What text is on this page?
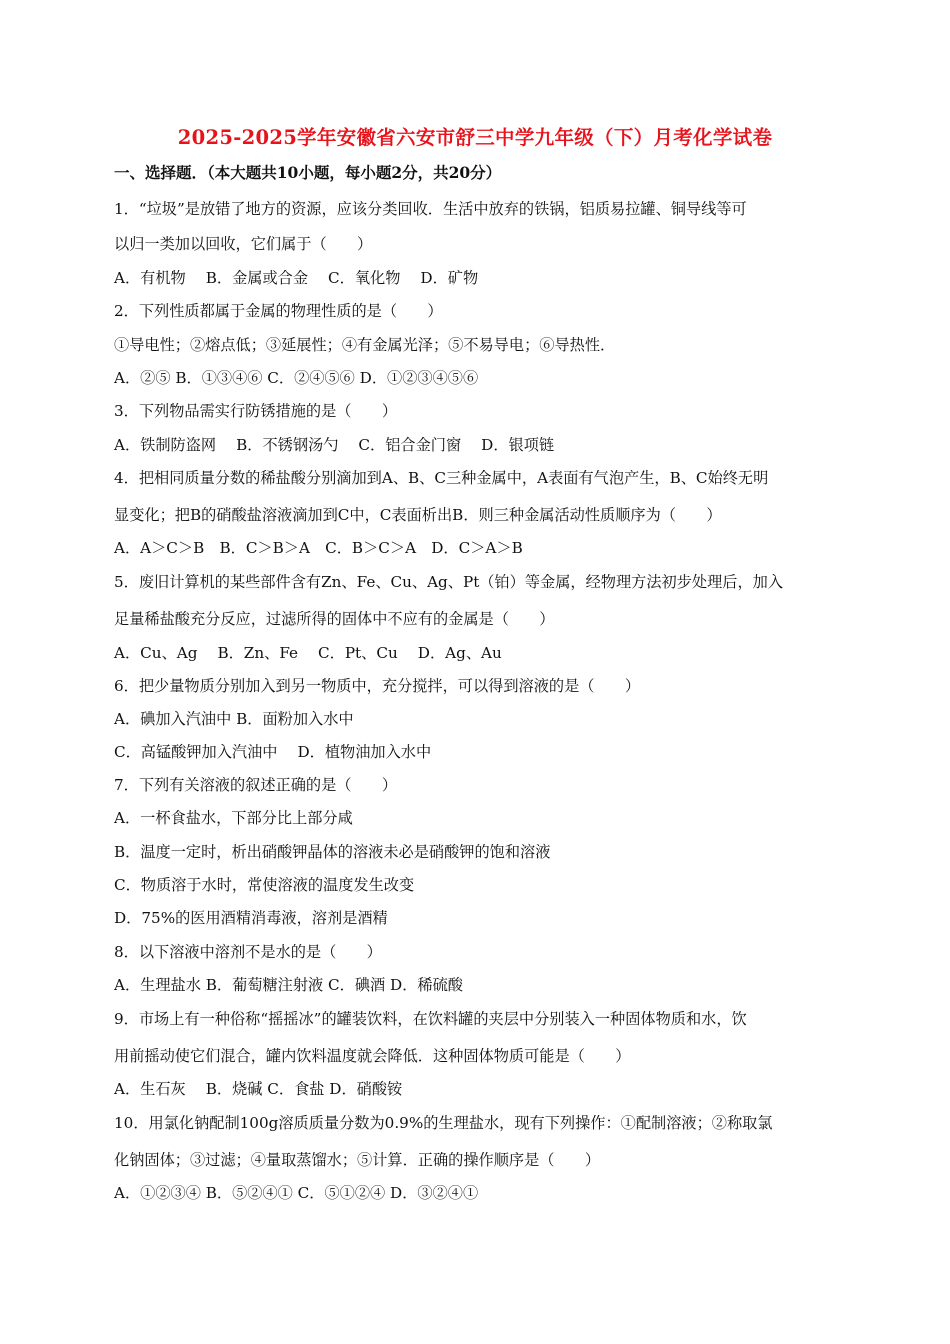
2025-2025学年安徽省六安市舒三中学九年级（下）月考化学试卷
一、选择题．（本大题共10小题，每小题2分，共20分）
1．“垃圾”是放错了地方的资源，应该分类回收．生活中放弃的铁锅，铝质易拉罐、铜导线等可
以归一类加以回收，它们属于（　　）
A．有机物　 B．金属或合金　 C．氧化物　 D．矿物
2．下列性质都属于金属的物理性质的是（　　）
①导电性；②熔点低；③延展性；④有金属光泽；⑤不易导电；⑥导热性．
A．②⑤ B．①③④⑥ C．②④⑤⑥ D．①②③④⑤⑥
3．下列物品需实行防锈措施的是（　　）
A．铁制防盗网　 B．不锈钢汤勺　 C．铝合金门窗　 D．银项链
4．把相同质量分数的稀盐酸分别滴加到A、B、C三种金属中，A表面有气泡产生，B、C始终无明
显变化；把B的硝酸盐溶液滴加到C中，C表面析出B．则三种金属活动性质顺序为（　　）
A．A＞C＞B　B．C＞B＞A　C．B＞C＞A　D．C＞A＞B
5．废旧计算机的某些部件含有Zn、Fe、Cu、Ag、Pt（铂）等金属，经物理方法初步处理后，加入
足量稀盐酸充分反应，过滤所得的固体中不应有的金属是（　　）
A．Cu、Ag　 B．Zn、Fe　 C．Pt、Cu　 D．Ag、Au
6．把少量物质分别加入到另一物质中，充分搅拌，可以得到溶液的是（　　）
A．碘加入汽油中 B．面粉加入水中
C．高锰酸钾加入汽油中　 D．植物油加入水中
7．下列有关溶液的叙述正确的是（　　）
A．一杯食盐水，下部分比上部分咸
B．温度一定时，析出硝酸钾晶体的溶液未必是硝酸钾的饱和溶液
C．物质溶于水时，常使溶液的温度发生改变
D．75%的医用酒精消毒液，溶剂是酒精
8．以下溶液中溶剂不是水的是（　　）
A．生理盐水 B．葡萄糖注射液 C．碘酒 D．稀硫酸
9．市场上有一种俗称“摇摇冰”的罐装饮料，在饮料罐的夹层中分别装入一种固体物质和水，饮
用前摇动使它们混合，罐内饮料温度就会降低．这种固体物质可能是（　　）
A．生石灰　 B．烧碱 C．食盐 D．硝酸铵
10．用氯化钠配制100g溶质质量分数为0.9%的生理盐水，现有下列操作：①配制溶液；②称取氯
化钠固体；③过滤；④量取蒸馏水；⑤计算．正确的操作顺序是（　　）
A．①②③④ B．⑤②④① C．⑤①②④ D．③②④①
